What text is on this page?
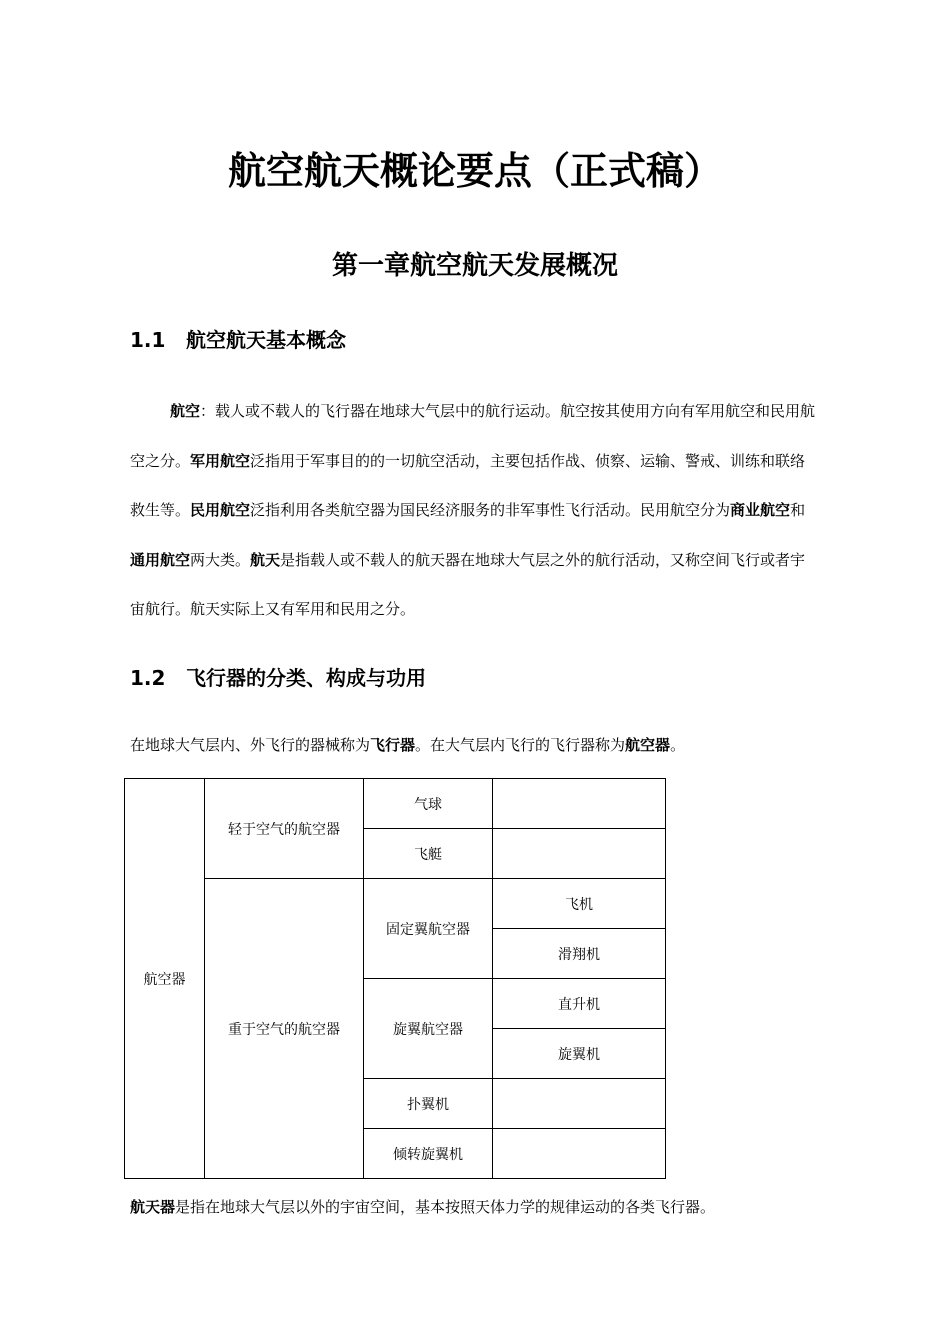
航空航天概论要点（正式稿）
第一章航空航天发展概况
1.1 航空航天基本概念

航空：载人或不载人的飞行器在地球大气层中的航行运动。航空按其使用方向有军用航空和民用航空之分。军用航空泛指用于军事目的的一切航空活动，主要包括作战、侦察、运输、警戒、训练和联络救生等。民用航空泛指利用各类航空器为国民经济服务的非军事性飞行活动。民用航空分为商业航空和通用航空两大类。航天是指载人或不载人的航天器在地球大气层之外的航行活动，又称空间飞行或者宇宙航行。航天实际上又有军用和民用之分。

1.2 飞行器的分类、构成与功用

在地球大气层内、外飞行的器械称为飞行器。在大气层内飞行的飞行器称为航空器。

航空器	轻于空气的航空器	气球	
		飞艇	
	重于空气的航空器	固定翼航空器	飞机
			滑翔机
		旋翼航空器	直升机
			旋翼机
		扑翼机	
		倾转旋翼机	

航天器是指在地球大气层以外的宇宙空间，基本按照天体力学的规律运动的各类飞行器。
